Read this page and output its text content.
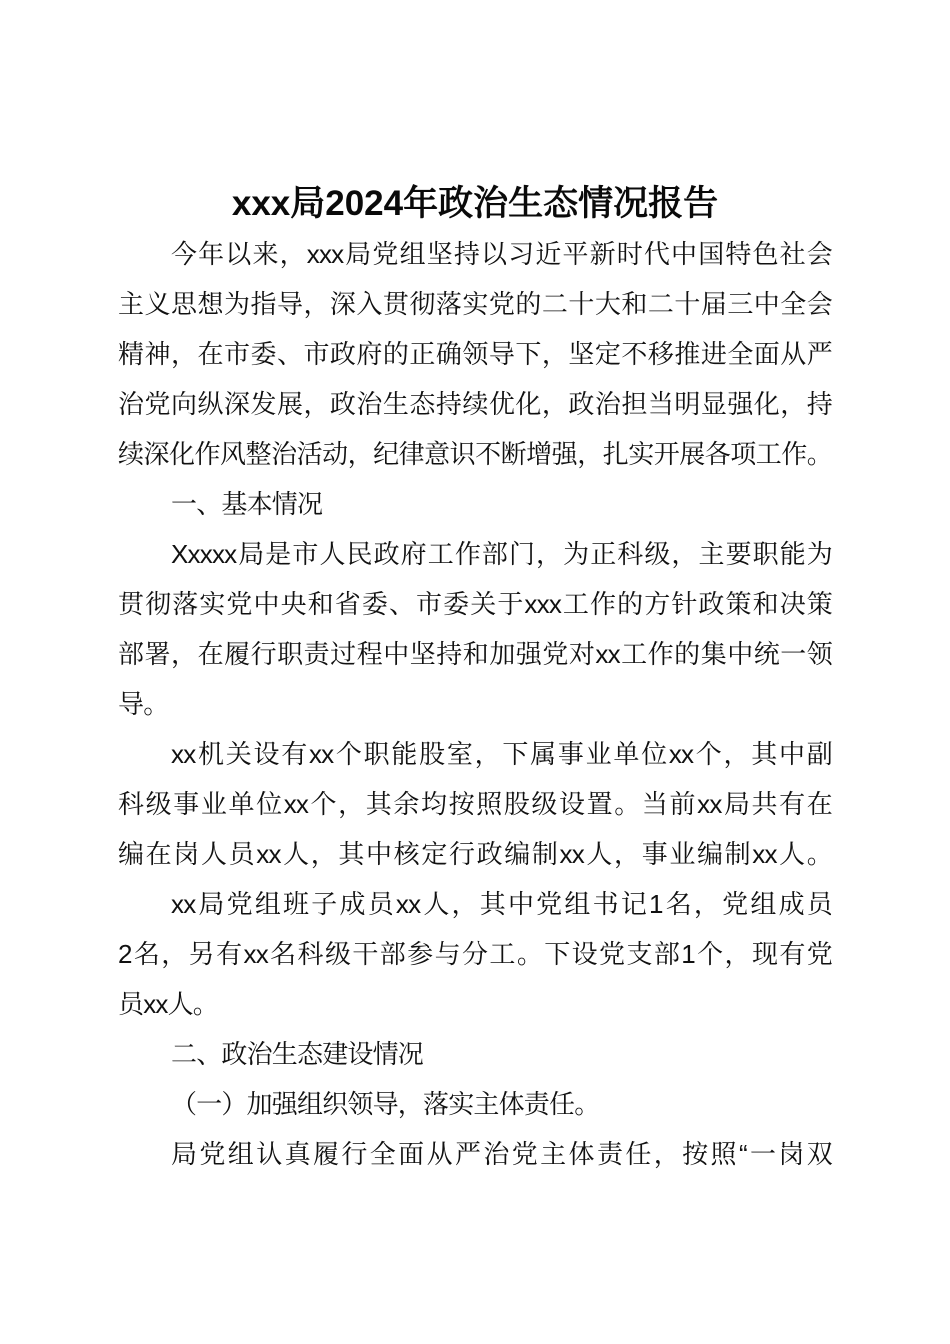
xxx局2024年政治生态情况报告
今年以来，xxx局党组坚持以习近平新时代中国特色社会
主义思想为指导，深入贯彻落实党的二十大和二十届三中全会
精神，在市委、市政府的正确领导下，坚定不移推进全面从严
治党向纵深发展，政治生态持续优化，政治担当明显强化，持
续深化作风整治活动，纪律意识不断增强，扎实开展各项工作。
一、基本情况
Xxxxx局是市人民政府工作部门，为正科级，主要职能为
贯彻落实党中央和省委、市委关于xxx工作的方针政策和决策
部署，在履行职责过程中坚持和加强党对xx工作的集中统一领
导。
xx机关设有xx个职能股室，下属事业单位xx个，其中副
科级事业单位xx个，其余均按照股级设置。当前xx局共有在
编在岗人员xx人，其中核定行政编制xx人，事业编制xx人。
xx局党组班子成员xx人，其中党组书记1名，党组成员
2名，另有xx名科级干部参与分工。下设党支部1个，现有党
员xx人。
二、政治生态建设情况
（一）加强组织领导，落实主体责任。
局党组认真履行全面从严治党主体责任，按照“一岗双
